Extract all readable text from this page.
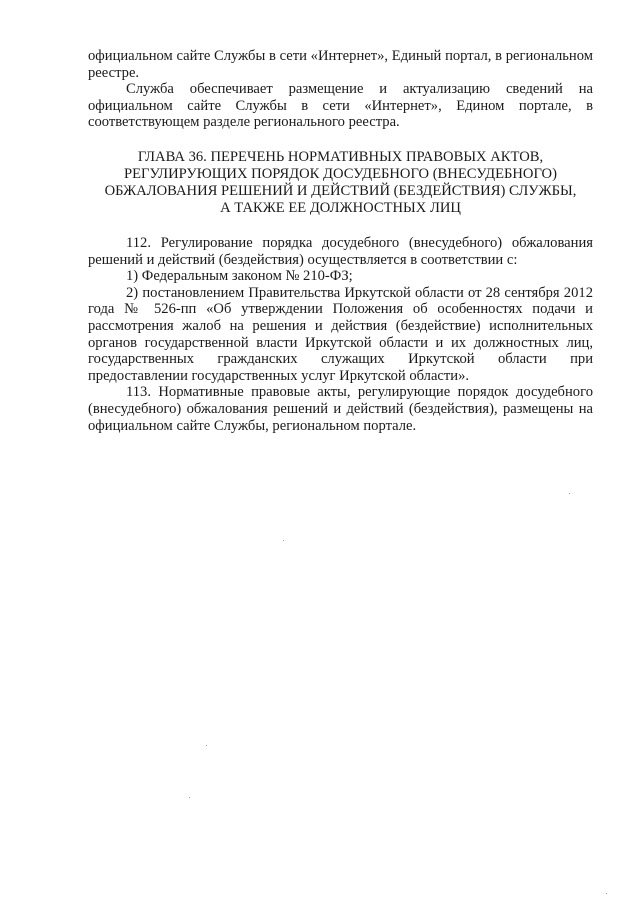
официальном сайте Службы в сети «Интернет», Единый портал, в региональном реестре.

Служба обеспечивает размещение и актуализацию сведений на официальном сайте Службы в сети «Интернет», Едином портале, в соответствующем разделе регионального реестра.

ГЛАВА 36. ПЕРЕЧЕНЬ НОРМАТИВНЫХ ПРАВОВЫХ АКТОВ,
РЕГУЛИРУЮЩИХ ПОРЯДОК ДОСУДЕБНОГО (ВНЕСУДЕБНОГО)
ОБЖАЛОВАНИЯ РЕШЕНИЙ И ДЕЙСТВИЙ (БЕЗДЕЙСТВИЯ) СЛУЖБЫ,
А ТАКЖЕ ЕЕ ДОЛЖНОСТНЫХ ЛИЦ

112. Регулирование порядка досудебного (внесудебного) обжалования решений и действий (бездействия) осуществляется в соответствии с:

1) Федеральным законом № 210-ФЗ;

2) постановлением Правительства Иркутской области от 28 сентября 2012 года № 526-пп «Об утверждении Положения об особенностях подачи и рассмотрения жалоб на решения и действия (бездействие) исполнительных органов государственной власти Иркутской области и их должностных лиц, государственных гражданских служащих Иркутской области при предоставлении государственных услуг Иркутской области».

113. Нормативные правовые акты, регулирующие порядок досудебного (внесудебного) обжалования решений и действий (бездействия), размещены на официальном сайте Службы, региональном портале.
